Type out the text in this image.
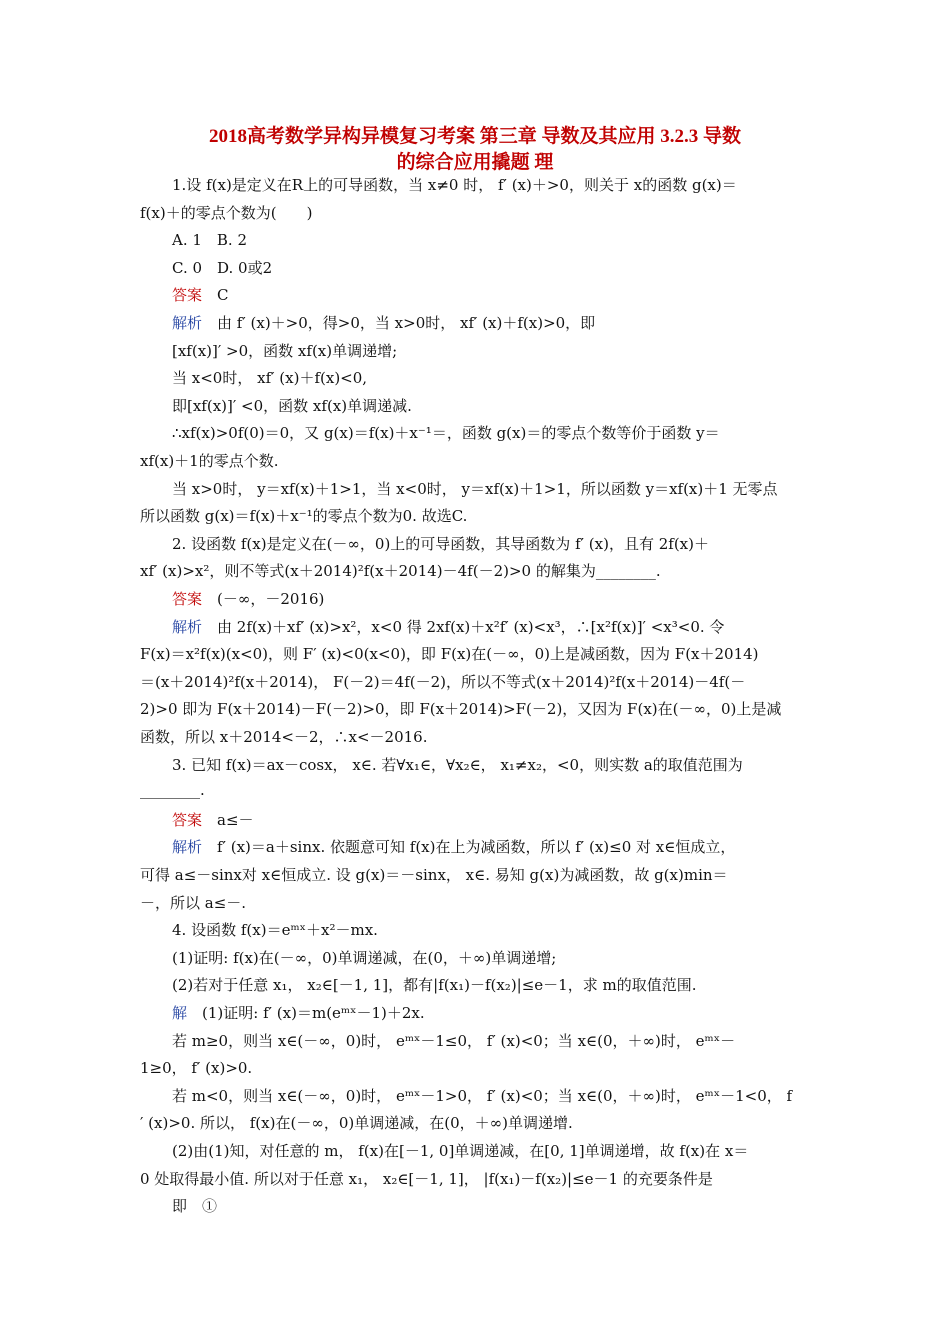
2018高考数学异构异模复习考案 第三章 导数及其应用 3.2.3 导数
的综合应用撬题 理
1.设 f(x)是定义在R上的可导函数，当 x≠0 时， f′ (x)＋>0，则关于 x的函数 g(x)＝
f(x)＋的零点个数为(　　)
A. 1　B. 2
C. 0　D. 0或2
答案　C
解析　由 f′ (x)＋>0，得>0，当 x>0时， xf′ (x)＋f(x)>0，即
[xf(x)]′ >0，函数 xf(x)单调递增;
当 x<0时， xf′ (x)＋f(x)<0,
即[xf(x)]′ <0，函数 xf(x)单调递减.
∴xf(x)>0f(0)＝0，又 g(x)＝f(x)＋x⁻¹＝，函数 g(x)＝的零点个数等价于函数 y＝
xf(x)＋1的零点个数.
当 x>0时， y＝xf(x)＋1>1，当 x<0时， y＝xf(x)＋1>1，所以函数 y＝xf(x)＋1 无零点
所以函数 g(x)＝f(x)＋x⁻¹的零点个数为0. 故选C.
2. 设函数 f(x)是定义在(－∞，0)上的可导函数，其导函数为 f′ (x)，且有 2f(x)＋
xf′ (x)>x²，则不等式(x＋2014)²f(x＋2014)－4f(－2)>0 的解集为________.
答案　(－∞，－2016)
解析　由 2f(x)＋xf′ (x)>x²，x<0 得 2xf(x)＋x²f′ (x)<x³，∴[x²f(x)]′ <x³<0. 令
F(x)＝x²f(x)(x<0)，则 F′ (x)<0(x<0)，即 F(x)在(－∞，0)上是减函数，因为 F(x＋2014)
＝(x＋2014)²f(x＋2014)， F(－2)＝4f(－2)，所以不等式(x＋2014)²f(x＋2014)－4f(－
2)>0 即为 F(x＋2014)－F(－2)>0，即 F(x＋2014)>F(－2)，又因为 F(x)在(－∞，0)上是减
函数，所以 x＋2014<－2，∴x<－2016.
3. 已知 f(x)＝ax－cosx， x∈. 若∀x₁∈，∀x₂∈， x₁≠x₂，<0，则实数 a的取值范围为
________.
答案　a≤－
解析　f′ (x)＝a＋sinx. 依题意可知 f(x)在上为减函数，所以 f′ (x)≤0 对 x∈恒成立，
可得 a≤－sinx对 x∈恒成立. 设 g(x)＝－sinx， x∈. 易知 g(x)为减函数，故 g(x)min＝
－，所以 a≤－.
4. 设函数 f(x)＝eᵐˣ＋x²－mx.
(1)证明: f(x)在(－∞，0)单调递减，在(0，＋∞)单调递增;
(2)若对于任意 x₁， x₂∈[－1, 1]，都有|f(x₁)－f(x₂)|≤e－1，求 m的取值范围.
解　(1)证明: f′ (x)＝m(eᵐˣ－1)＋2x.
若 m≥0，则当 x∈(－∞，0)时， eᵐˣ－1≤0， f′ (x)<0；当 x∈(0，＋∞)时， eᵐˣ－
1≥0， f′ (x)>0.
若 m<0，则当 x∈(－∞，0)时， eᵐˣ－1>0， f′ (x)<0；当 x∈(0，＋∞)时， eᵐˣ－1<0， f
′ (x)>0. 所以， f(x)在(－∞，0)单调递减，在(0，＋∞)单调递增.
(2)由(1)知，对任意的 m， f(x)在[－1, 0]单调递减，在[0, 1]单调递增，故 f(x)在 x＝
0 处取得最小值. 所以对于任意 x₁， x₂∈[－1, 1]， |f(x₁)－f(x₂)|≤e－1 的充要条件是
即　①
